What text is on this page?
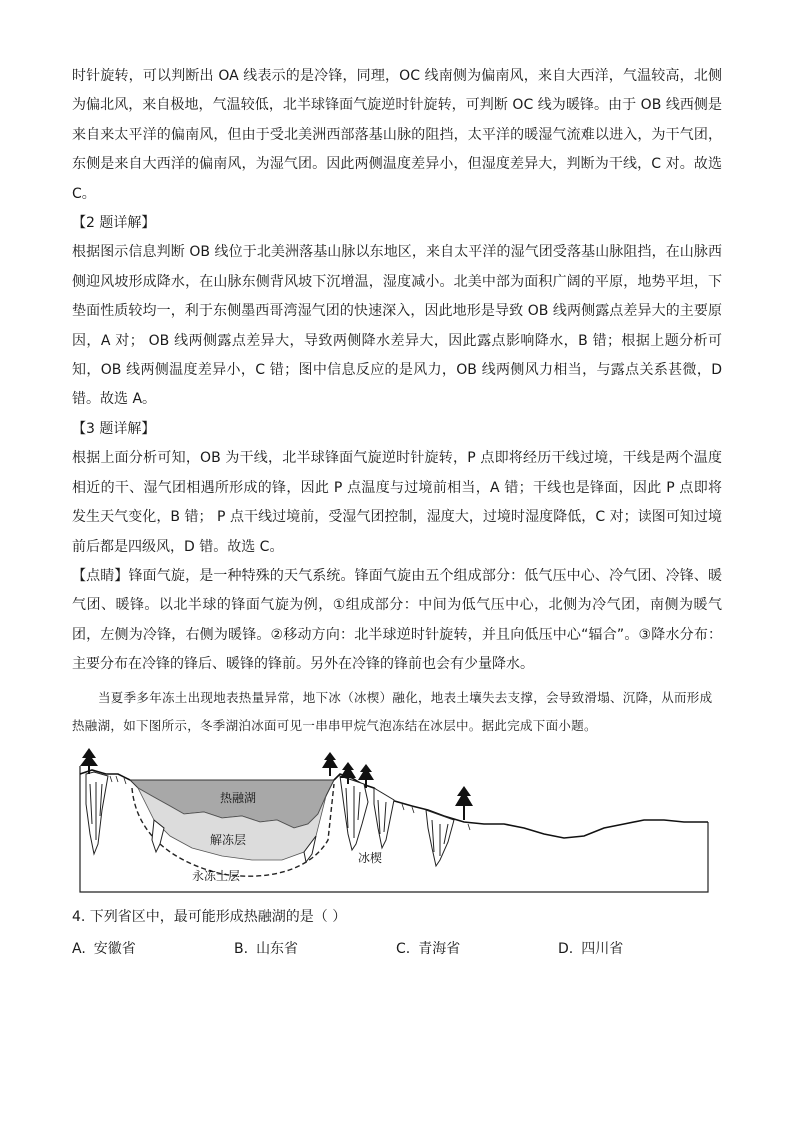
时针旋转，可以判断出 OA 线表示的是冷锋，同理，OC 线南侧为偏南风，来自大西洋，气温较高，北侧为偏北风，来自极地，气温较低，北半球锋面气旋逆时针旋转，可判断 OC 线为暖锋。由于 OB 线西侧是来自来太平洋的偏南风，但由于受北美洲西部落基山脉的阻挡，太平洋的暖湿气流难以进入，为干气团，东侧是来自大西洋的偏南风，为湿气团。因此两侧温度差异小，但湿度差异大，判断为干线，C 对。故选 C。

【2 题详解】

根据图示信息判断 OB 线位于北美洲落基山脉以东地区，来自太平洋的湿气团受落基山脉阻挡，在山脉西侧迎风坡形成降水，在山脉东侧背风坡下沉增温，湿度减小。北美中部为面积广阔的平原，地势平坦，下垫面性质较均一，利于东侧墨西哥湾湿气团的快速深入，因此地形是导致 OB 线两侧露点差异大的主要原因，A 对； OB 线两侧露点差异大，导致两侧降水差异大，因此露点影响降水，B 错；根据上题分析可知，OB 线两侧温度差异小，C 错；图中信息反应的是风力，OB 线两侧风力相当，与露点关系甚微，D 错。故选 A。

【3 题详解】

根据上面分析可知，OB 为干线，北半球锋面气旋逆时针旋转，P 点即将经历干线过境，干线是两个温度相近的干、湿气团相遇所形成的锋，因此 P 点温度与过境前相当，A 错；干线也是锋面，因此 P 点即将发生天气变化，B 错； P 点干线过境前，受湿气团控制，湿度大，过境时湿度降低，C 对；读图可知过境前后都是四级风，D 错。故选 C。

【点睛】锋面气旋，是一种特殊的天气系统。锋面气旋由五个组成部分：低气压中心、冷气团、冷锋、暖气团、暖锋。以北半球的锋面气旋为例，①组成部分：中间为低气压中心，北侧为冷气团，南侧为暖气团，左侧为冷锋，右侧为暖锋。②移动方向：北半球逆时针旋转，并且向低压中心“辐合”。③降水分布：主要分布在冷锋的锋后、暖锋的锋前。另外在冷锋的锋前也会有少量降水。

当夏季多年冻土出现地表热量异常，地下冰（冰楔）融化，地表土壤失去支撑，会导致滑塌、沉降，从而形成热融湖，如下图所示，冬季湖泊冰面可见一串串甲烷气泡冻结在冰层中。据此完成下面小题。

热融湖
解冻层
永冻土层
冰楔

4. 下列省区中，最可能形成热融湖的是（ ）

A. 安徽省	B. 山东省	C. 青海省	D. 四川省
